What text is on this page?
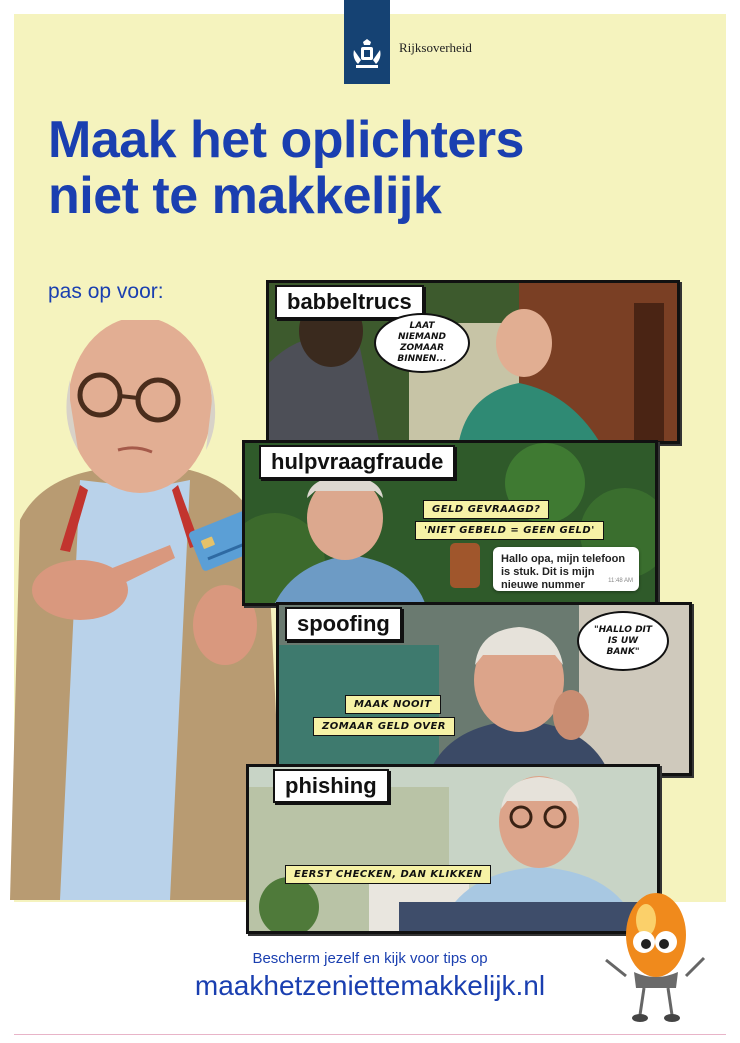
Rijksoverheid
Maak het oplichters
niet te makkelijk
pas op voor:	babbeltrucs
LAAT NIEMAND ZOMAAR BINNEN...
hulpvraagfraude
GELD GEVRAAGD?
'NIET GEBELD = GEEN GELD'
Hallo opa, mijn telefoon is stuk. Dit is mijn nieuwe nummer	11:48 AM
spoofing	"HALLO DIT IS UW BANK"
MAAK NOOIT
ZOMAAR GELD OVER
phishing
EERST CHECKEN, DAN KLIKKEN
Bescherm jezelf en kijk voor tips op
maakhetzeniettemakkelijk.nl
